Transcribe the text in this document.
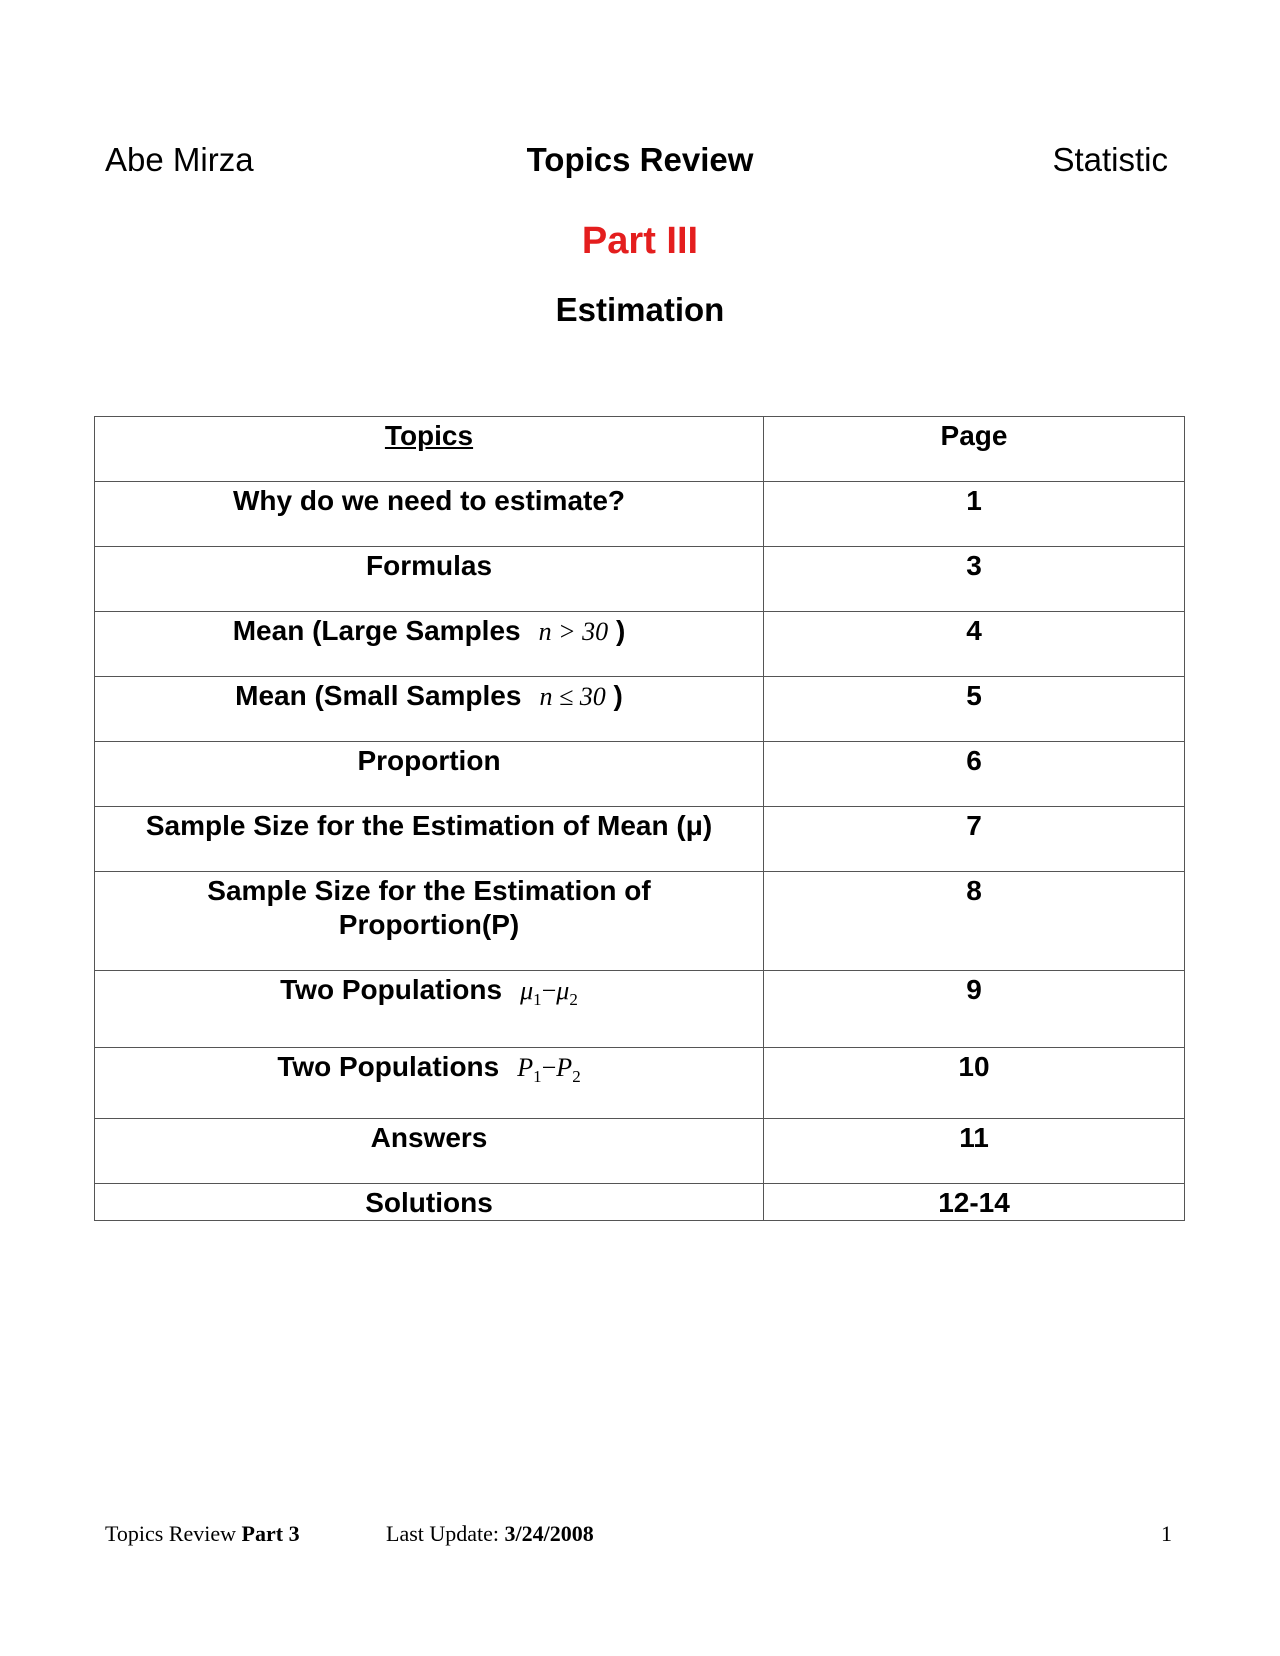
Abe Mirza	Topics Review	Statistic
Part III
Estimation
Topics	Page
Why do we need to estimate?	1
Formulas	3
Mean (Large Samples n > 30 )	4
Mean (Small Samples n ≤ 30 )	5
Proportion	6
Sample Size for the Estimation of Mean (μ)	7

Sample Size for the Estimation of
Proportion(P)	8
Two Populations $\mu_1-\mu_2$	9
Two Populations $P_1-P_2$	10
Answers	11
Solutions	12-14
Topics Review Part 3	Last Update: 3/24/2008	1
